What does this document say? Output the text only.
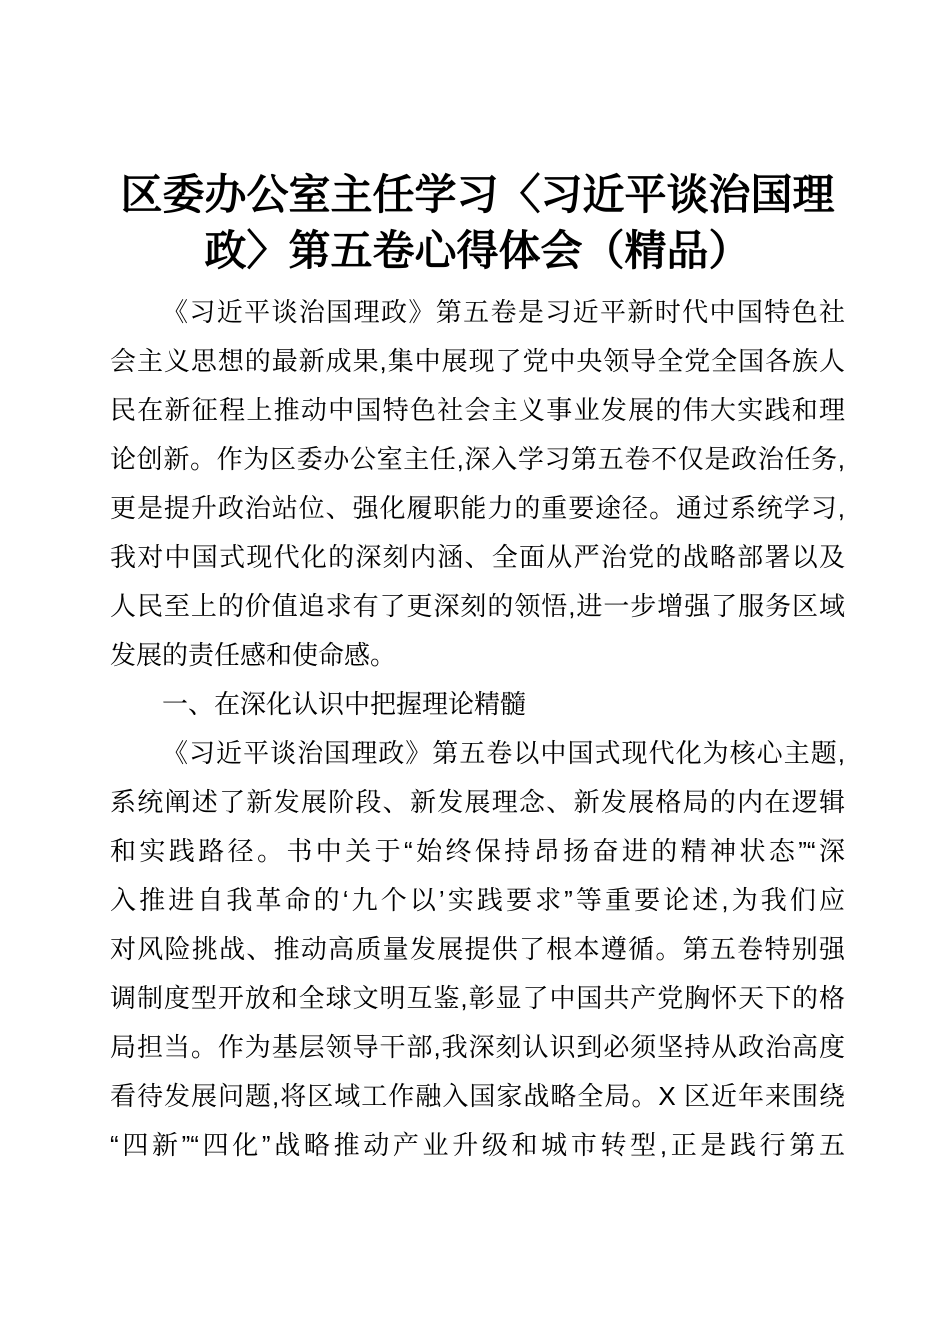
区委办公室主任学习〈习近平谈治国理
政〉第五卷心得体会（精品）
《习近平谈治国理政》第五卷是习近平新时代中国特色社
会主义思想的最新成果,集中展现了党中央领导全党全国各族人
民在新征程上推动中国特色社会主义事业发展的伟大实践和理
论创新。作为区委办公室主任,深入学习第五卷不仅是政治任务,
更是提升政治站位、强化履职能力的重要途径。通过系统学习,
我对中国式现代化的深刻内涵、全面从严治党的战略部署以及
人民至上的价值追求有了更深刻的领悟,进一步增强了服务区域
发展的责任感和使命感。
一、在深化认识中把握理论精髓
《习近平谈治国理政》第五卷以中国式现代化为核心主题,
系统阐述了新发展阶段、新发展理念、新发展格局的内在逻辑
和实践路径。书中关于“始终保持昂扬奋进的精神状态”“深
入推进自我革命的‘九个以’实践要求”等重要论述,为我们应
对风险挑战、推动高质量发展提供了根本遵循。第五卷特别强
调制度型开放和全球文明互鉴,彰显了中国共产党胸怀天下的格
局担当。作为基层领导干部,我深刻认识到必须坚持从政治高度
看待发展问题,将区域工作融入国家战略全局。X 区近年来围绕
“四新”“四化”战略推动产业升级和城市转型,正是践行第五
